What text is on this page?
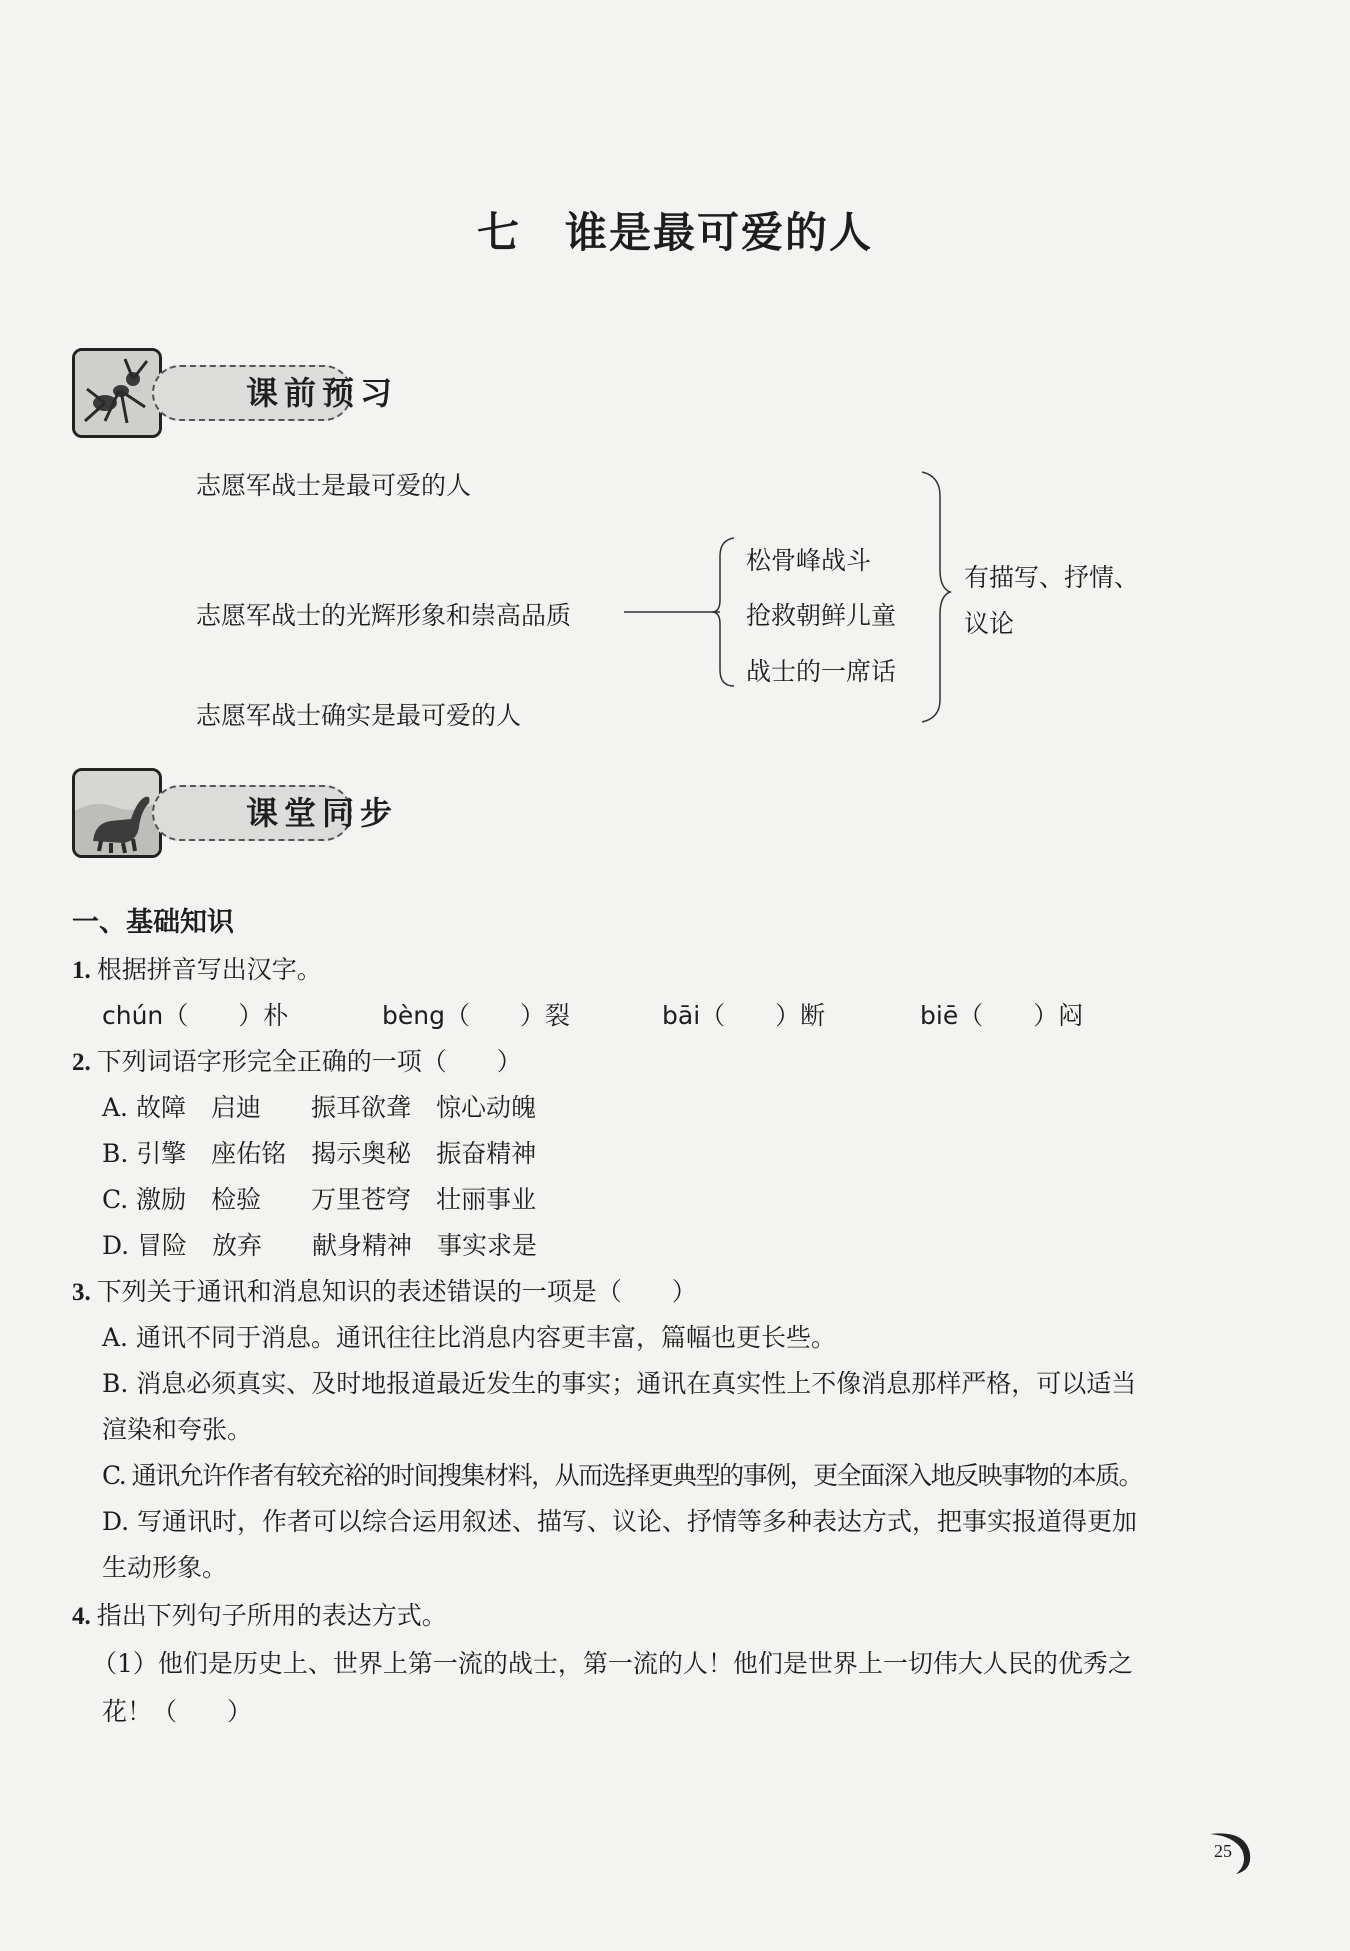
七 谁是最可爱的人
课前预习
志愿军战士是最可爱的人
志愿军战士的光辉形象和崇高品质
志愿军战士确实是最可爱的人
松骨峰战斗
抢救朝鲜儿童
战士的一席话
有描写、抒情、
议论
课堂同步
一、基础知识
1. 根据拼音写出汉字。
chún（　　）朴	bèng（　　）裂	bāi（　　）断	biē（　　）闷
2. 下列词语字形完全正确的一项（　　）
A. 故障　启迪　　振耳欲聋　惊心动魄
B. 引擎　座佑铭　揭示奥秘　振奋精神
C. 激励　检验　　万里苍穹　壮丽事业
D. 冒险　放弃　　献身精神　事实求是
3. 下列关于通讯和消息知识的表述错误的一项是（　　）
A. 通讯不同于消息。通讯往往比消息内容更丰富，篇幅也更长些。
B. 消息必须真实、及时地报道最近发生的事实；通讯在真实性上不像消息那样严格，可以适当
渲染和夸张。
C. 通讯允许作者有较充裕的时间搜集材料，从而选择更典型的事例，更全面深入地反映事物的本质。
D. 写通讯时，作者可以综合运用叙述、描写、议论、抒情等多种表达方式，把事实报道得更加
生动形象。
4. 指出下列句子所用的表达方式。
（1）他们是历史上、世界上第一流的战士，第一流的人！他们是世界上一切伟大人民的优秀之
花！（　　）
25
